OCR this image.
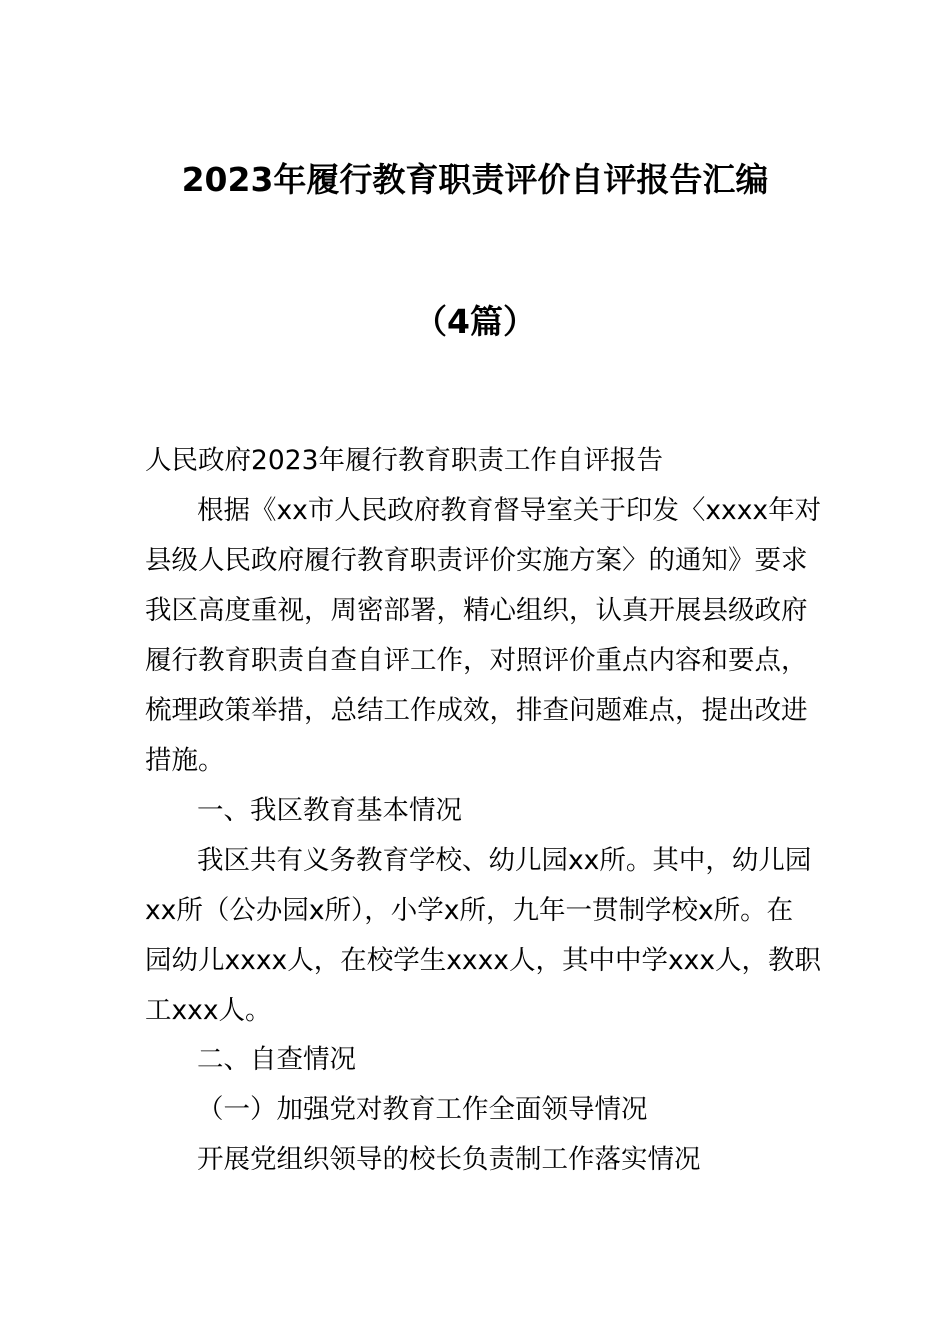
2023年履行教育职责评价自评报告汇编
（4篇）
人民政府2023年履行教育职责工作自评报告
根据《xx市人民政府教育督导室关于印发〈xxxx年对
县级人民政府履行教育职责评价实施方案〉的通知》要求
我区高度重视，周密部署，精心组织，认真开展县级政府
履行教育职责自查自评工作，对照评价重点内容和要点，
梳理政策举措，总结工作成效，排查问题难点，提出改进
措施。
一、我区教育基本情况
我区共有义务教育学校、幼儿园xx所。其中，幼儿园
xx所（公办园x所），小学x所，九年一贯制学校x所。在
园幼儿xxxx人，在校学生xxxx人，其中中学xxx人，教职
工xxx人。
二、自查情况
（一）加强党对教育工作全面领导情况
开展党组织领导的校长负责制工作落实情况
